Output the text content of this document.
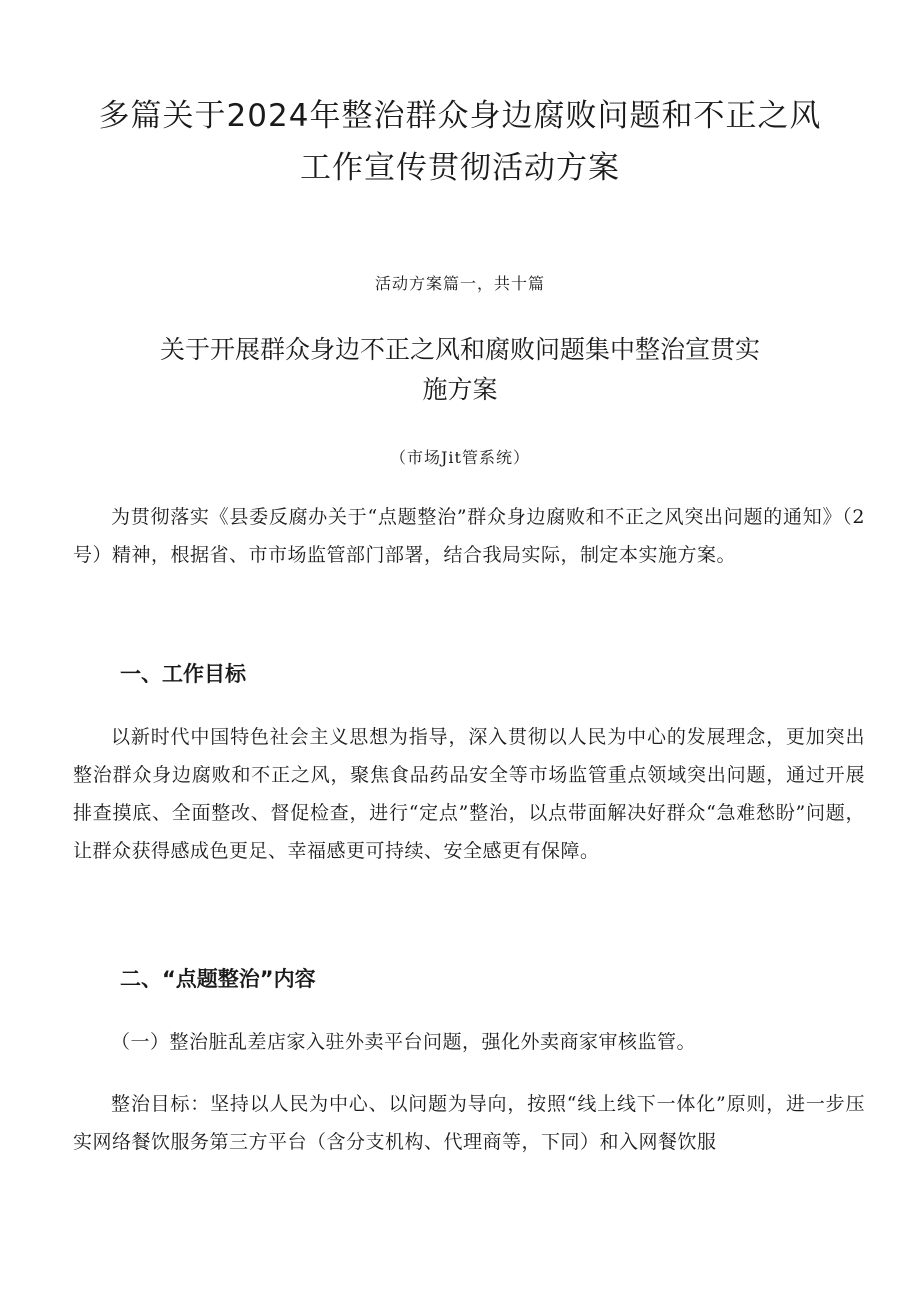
多篇关于2024年整治群众身边腐败问题和不正之风
工作宣传贯彻活动方案
活动方案篇一，共十篇
关于开展群众身边不正之风和腐败问题集中整治宣贯实
施方案
（市场Jit管系统）

为贯彻落实《县委反腐办关于“点题整治”群众身边腐败和不正之风突出问题的通知》（2号）精神，根据省、市市场监管部门部署，结合我局实际，制定本实施方案。

一、工作目标

以新时代中国特色社会主义思想为指导，深入贯彻以人民为中心的发展理念，更加突出整治群众身边腐败和不正之风，聚焦食品药品安全等市场监管重点领域突出问题，通过开展排查摸底、全面整改、督促检查，进行“定点”整治，以点带面解决好群众“急难愁盼”问题，让群众获得感成色更足、幸福感更可持续、安全感更有保障。

二、“点题整治”内容

（一）整治脏乱差店家入驻外卖平台问题，强化外卖商家审核监管。

整治目标：坚持以人民为中心、以问题为导向，按照“线上线下一体化”原则，进一步压实网络餐饮服务第三方平台（含分支机构、代理商等，下同）和入网餐饮服
